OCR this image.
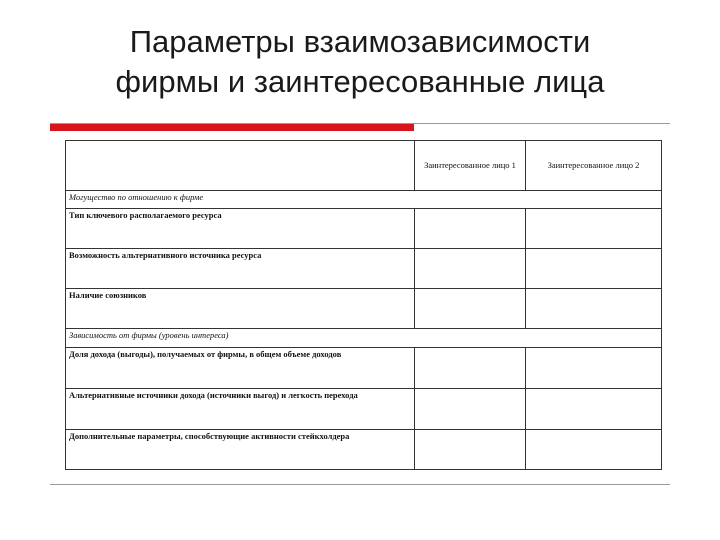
Параметры взаимозависимости
фирмы и заинтересованные лица
	Заинтересованное лицо 1	Заинтересованное лицо 2
Могущество по отношению к фирме		
Тип ключевого располагаемого ресурса		
Возможность альтернативного источника ресурса		
Наличие союзников		
Зависимость от фирмы (уровень интереса)		
Доля дохода (выгоды), получаемых от фирмы, в общем объеме доходов		
Альтернативные источники дохода (источники выгод) и легкость перехода		
Дополнительные параметры, способствующие активности стейкхолдера		
